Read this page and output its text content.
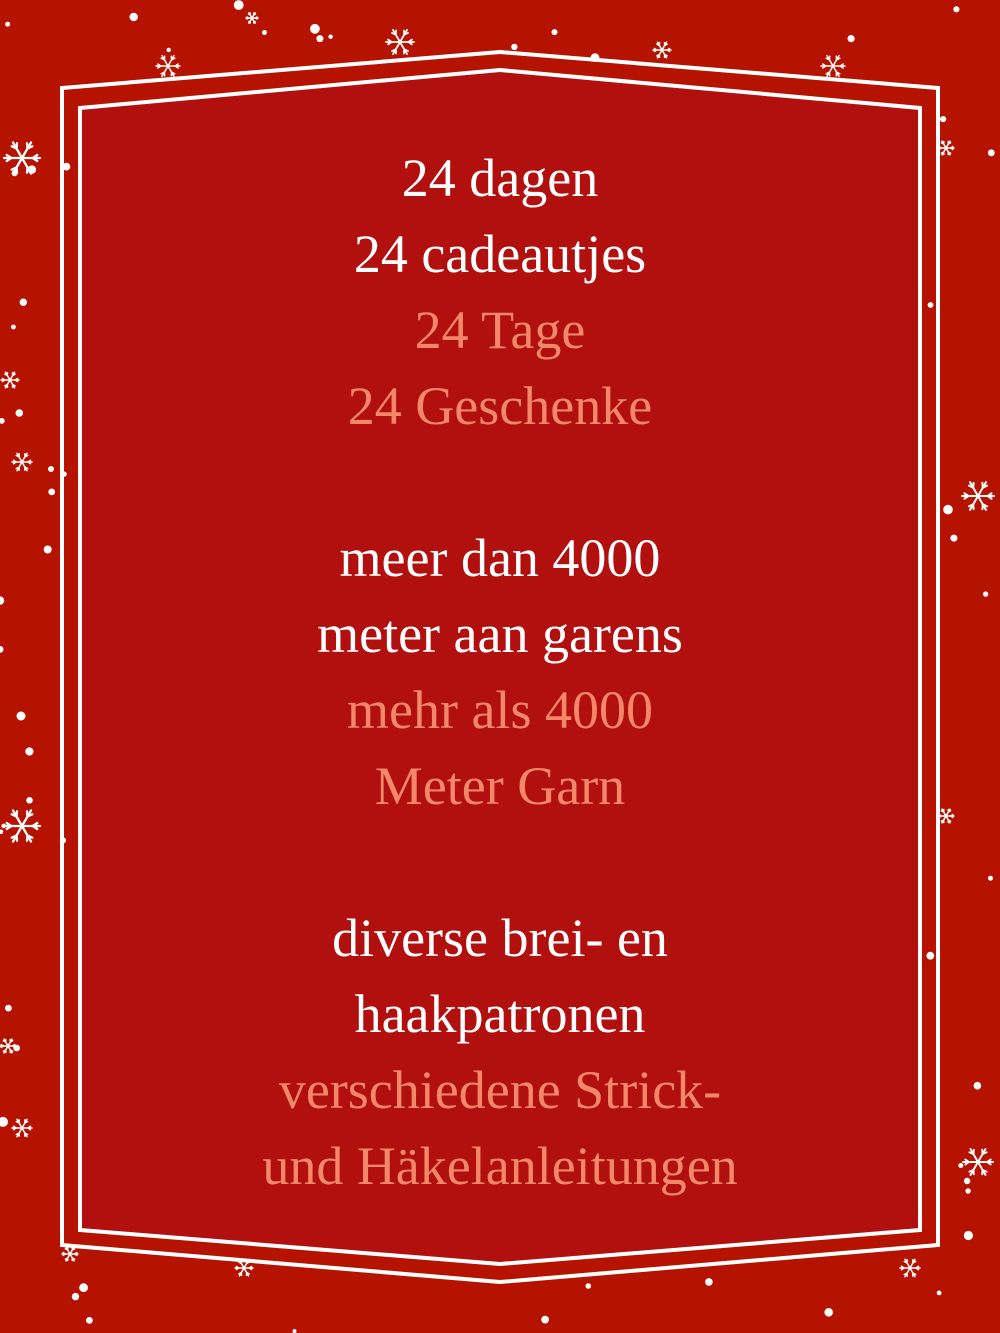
24 dagen

24 cadeautjes

24 Tage

24 Geschenke

meer dan 4000

meter aan garens

mehr als 4000

Meter Garn

diverse brei- en

haakpatronen

verschiedene Strick-

und Häkelanleitungen
